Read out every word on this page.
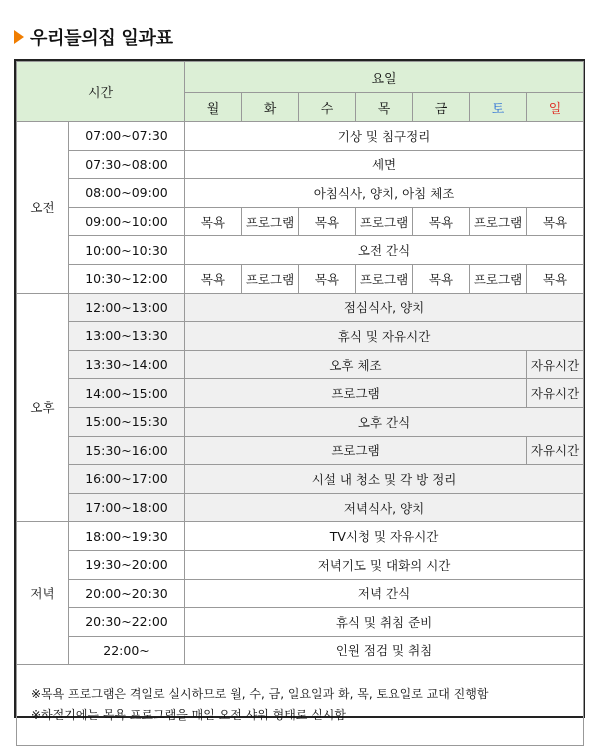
우리들의집 일과표
시간		요일						
		월	화	수	목	금	토	일
오전	07:00~07:30	기상 및 침구정리						
	07:30~08:00	세면						
	08:00~09:00	아침식사, 양치, 아침 체조						
	09:00~10:00	목욕	프로그램	목욕	프로그램	목욕	프로그램	목욕
	10:00~10:30	오전 간식						
	10:30~12:00	목욕	프로그램	목욕	프로그램	목욕	프로그램	목욕
오후	12:00~13:00	점심식사, 양치						
	13:00~13:30	휴식 및 자유시간						
	13:30~14:00	오후 체조						자유시간
	14:00~15:00	프로그램						자유시간
	15:00~15:30	오후 간식						
	15:30~16:00	프로그램						자유시간
	16:00~17:00	시설 내 청소 및 각 방 정리						
	17:00~18:00	저녁식사, 양치						
저녁	18:00~19:30	TV시청 및 자유시간						
	19:30~20:00	저녁기도 및 대화의 시간						
	20:00~20:30	저녁 간식						
	20:30~22:00	휴식 및 취침 준비						
	22:00~	인원 점검 및 취침						

※목욕 프로그램은 격일로 실시하므로 월, 수, 금, 일요일과 화, 목, 토요일로 교대 진행함
※하절기에는 목욕 프로그램을 매일 오전 샤워 형태로 실시함								
